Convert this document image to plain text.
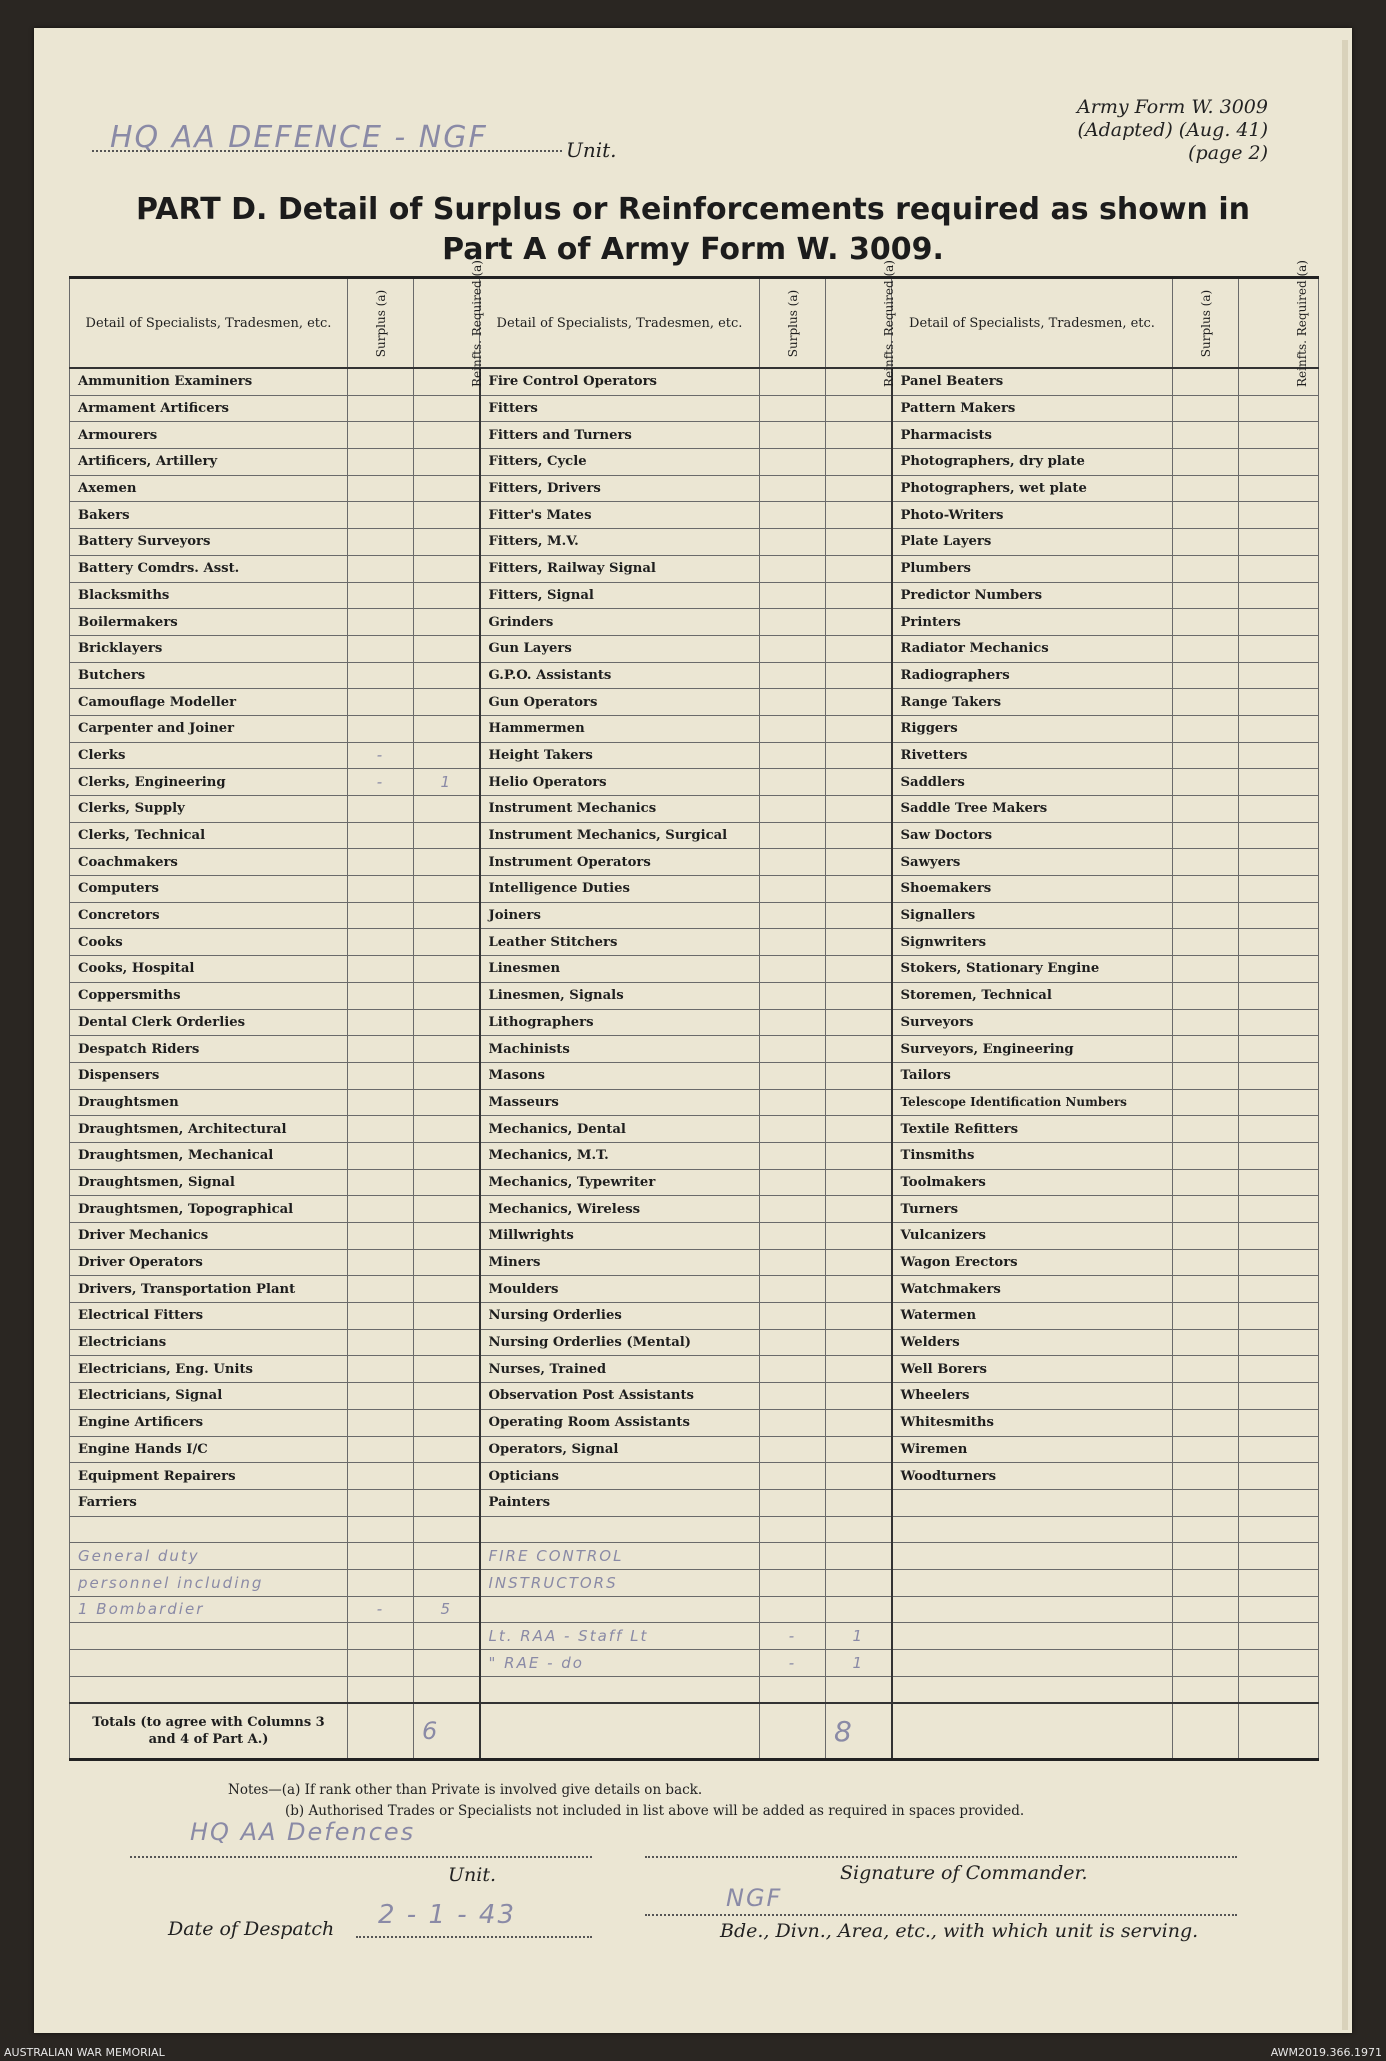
HQ AA DEFENCE - NGF	Unit.
Army Form W. 3009
(Adapted) (Aug. 41)
(page 2)
PART D. Detail of Surplus or Reinforcements required as shown in
Part A of Army Form W. 3009.
Detail of Specialists, Tradesmen, etc.	Surplus (a)	Reinfts. Required (a)	Detail of Specialists, Tradesmen, etc.	Surplus (a)	Reinfts. Required (a)	Detail of Specialists, Tradesmen, etc.	Surplus (a)	Reinfts. Required (a)
Ammunition Examiners			Fire Control Operators			Panel Beaters		
Armament Artificers			Fitters			Pattern Makers		
Armourers			Fitters and Turners			Pharmacists		
Artificers, Artillery			Fitters, Cycle			Photographers, dry plate		
Axemen			Fitters, Drivers			Photographers, wet plate		
Bakers			Fitter's Mates			Photo-Writers		
Battery Surveyors			Fitters, M.V.			Plate Layers		
Battery Comdrs. Asst.			Fitters, Railway Signal			Plumbers		
Blacksmiths			Fitters, Signal			Predictor Numbers		
Boilermakers			Grinders			Printers		
Bricklayers			Gun Layers			Radiator Mechanics		
Butchers			G.P.O. Assistants			Radiographers		
Camouflage Modeller			Gun Operators			Range Takers		
Carpenter and Joiner			Hammermen			Riggers		
Clerks	-		Height Takers			Rivetters		
Clerks, Engineering	-	1	Helio Operators			Saddlers		
Clerks, Supply			Instrument Mechanics			Saddle Tree Makers		
Clerks, Technical			Instrument Mechanics, Surgical			Saw Doctors		
Coachmakers			Instrument Operators			Sawyers		
Computers			Intelligence Duties			Shoemakers		
Concretors			Joiners			Signallers		
Cooks			Leather Stitchers			Signwriters		
Cooks, Hospital			Linesmen			Stokers, Stationary Engine		
Coppersmiths			Linesmen, Signals			Storemen, Technical		
Dental Clerk Orderlies			Lithographers			Surveyors		
Despatch Riders			Machinists			Surveyors, Engineering		
Dispensers			Masons			Tailors		
Draughtsmen			Masseurs			Telescope Identification Numbers		
Draughtsmen, Architectural			Mechanics, Dental			Textile Refitters		
Draughtsmen, Mechanical			Mechanics, M.T.			Tinsmiths		
Draughtsmen, Signal			Mechanics, Typewriter			Toolmakers		
Draughtsmen, Topographical			Mechanics, Wireless			Turners		
Driver Mechanics			Millwrights			Vulcanizers		
Driver Operators			Miners			Wagon Erectors		
Drivers, Transportation Plant			Moulders			Watchmakers		
Electrical Fitters			Nursing Orderlies			Watermen		
Electricians			Nursing Orderlies (Mental)			Welders		
Electricians, Eng. Units			Nurses, Trained			Well Borers		
Electricians, Signal			Observation Post Assistants			Wheelers		
Engine Artificers			Operating Room Assistants			Whitesmiths		
Engine Hands I/C			Operators, Signal			Wiremen		
Equipment Repairers			Opticians			Woodturners		
Farriers			Painters					

General duty			FIRE CONTROL					
personnel including			INSTRUCTORS					
1 Bombardier	-	5						
			Lt. RAA - Staff Lt	-	1			
			" RAE - do	-	1			

Totals (to agree with Columns 3 and 4 of Part A.)		6			8			
Notes—(a) If rank other than Private is involved give details on back.
(b) Authorised Trades or Specialists not included in list above will be added as required in spaces provided.
HQ AA Defences
Unit.	Signature of Commander.
Date of Despatch 2 - 1 - 43
NGF
Bde., Divn., Area, etc., with which unit is serving.
AUSTRALIAN WAR MEMORIAL	AWM2019.366.1971
